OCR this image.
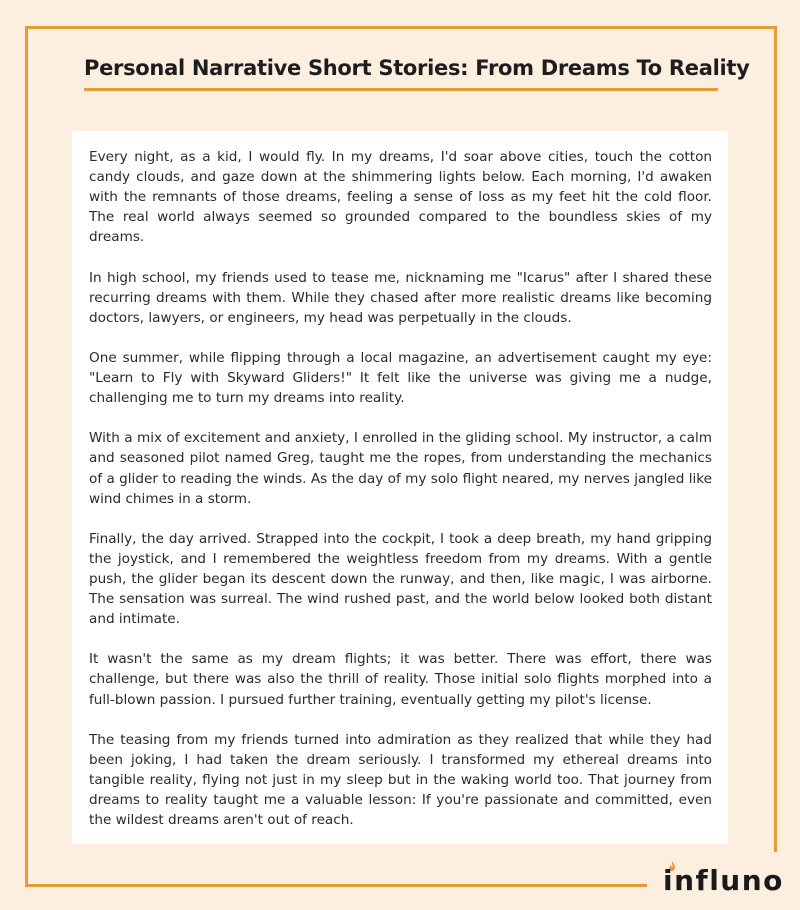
Personal Narrative Short Stories: From Dreams To Reality

Every night, as a kid, I would fly. In my dreams, I'd soar above cities, touch the cotton candy clouds, and gaze down at the shimmering lights below. Each morning, I'd awaken with the remnants of those dreams, feeling a sense of loss as my feet hit the cold floor. The real world always seemed so grounded compared to the boundless skies of my dreams.

In high school, my friends used to tease me, nicknaming me "Icarus" after I shared these recurring dreams with them. While they chased after more realistic dreams like becoming doctors, lawyers, or engineers, my head was perpetually in the clouds.

One summer, while flipping through a local magazine, an advertisement caught my eye: "Learn to Fly with Skyward Gliders!" It felt like the universe was giving me a nudge, challenging me to turn my dreams into reality.

With a mix of excitement and anxiety, I enrolled in the gliding school. My instructor, a calm and seasoned pilot named Greg, taught me the ropes, from understanding the mechanics of a glider to reading the winds. As the day of my solo flight neared, my nerves jangled like wind chimes in a storm.

Finally, the day arrived. Strapped into the cockpit, I took a deep breath, my hand gripping the joystick, and I remembered the weightless freedom from my dreams. With a gentle push, the glider began its descent down the runway, and then, like magic, I was airborne. The sensation was surreal. The wind rushed past, and the world below looked both distant and intimate.

It wasn't the same as my dream flights; it was better. There was effort, there was challenge, but there was also the thrill of reality. Those initial solo flights morphed into a full-blown passion. I pursued further training, eventually getting my pilot's license.

The teasing from my friends turned into admiration as they realized that while they had been joking, I had taken the dream seriously. I transformed my ethereal dreams into tangible reality, flying not just in my sleep but in the waking world too. That journey from dreams to reality taught me a valuable lesson: If you're passionate and committed, even the wildest dreams aren't out of reach.

influno
